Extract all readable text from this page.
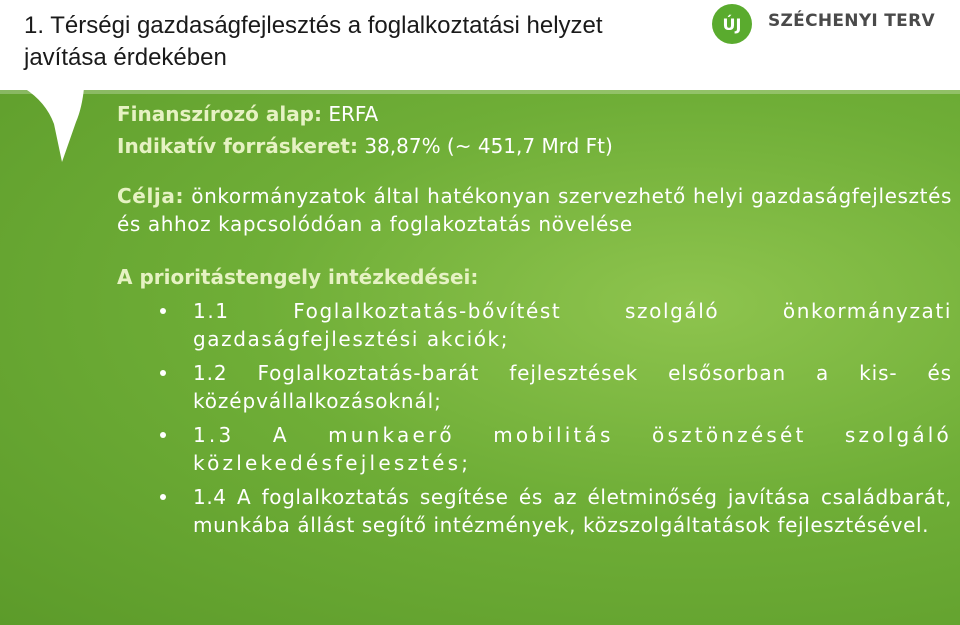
1. Térségi gazdaságfejlesztés a foglalkoztatási helyzet javítása érdekében
ÚJ SZÉCHENYI TERV
Finanszírozó alap: ERFA
Indikatív forráskeret: 38,87% (~ 451,7 Mrd Ft)
Célja: önkormányzatok által hatékonyan szervezhető helyi gazdaságfejlesztés és ahhoz kapcsolódóan a foglakoztatás növelése
A prioritástengely intézkedései:
1.1 Foglalkoztatás-bővítést szolgáló önkormányzati gazdaságfejlesztési akciók;
1.2 Foglalkoztatás-barát fejlesztések elsősorban a kis- és középvállalkozásoknál;
1.3 A munkaerő mobilitás ösztönzését szolgáló közlekedésfejlesztés;
1.4 A foglalkoztatás segítése és az életminőség javítása családbarát, munkába állást segítő intézmények, közszolgáltatások fejlesztésével.
